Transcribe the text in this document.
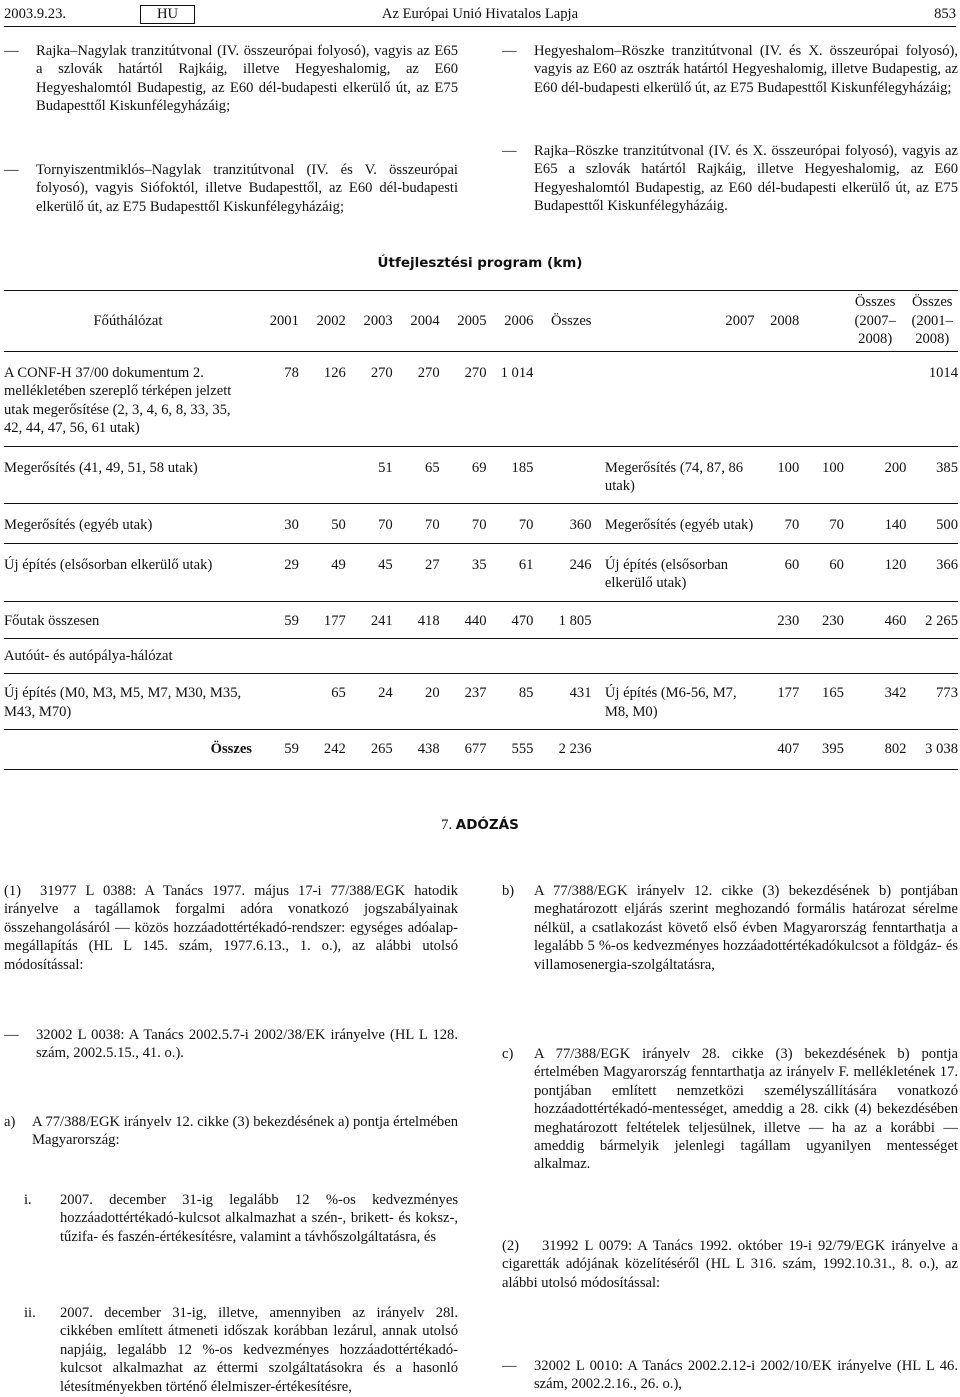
2003.9.23.	HU	Az Európai Unió Hivatalos Lapja	853
— Rajka–Nagylak tranzitútvonal (IV. összeurópai folyosó), vagyis az E65 a szlovák határtól Rajkáig, illetve Hegyeshalomig, az E60 Hegyeshalomtól Budapestig, az E60 dél-budapesti elkerülő út, az E75 Budapesttől Kiskunfélegyházáig;
— Tornyiszentmiklós–Nagylak tranzitútvonal (IV. és V. összeurópai folyosó), vagyis Siófoktól, illetve Budapesttől, az E60 dél-budapesti elkerülő út, az E75 Budapesttől Kiskunfélegyházáig;
— Hegyeshalom–Röszke tranzitútvonal (IV. és X. összeurópai folyosó), vagyis az E60 az osztrák határtól Hegyeshalomig, illetve Budapestig, az E60 dél-budapesti elkerülő út, az E75 Budapesttől Kiskunfélegyházáig;
— Rajka–Röszke tranzitútvonal (IV. és X. összeurópai folyosó), vagyis az E65 a szlovák határtól Rajkáig, illetve Hegyeshalomig, az E60 Hegyeshalomtól Budapestig, az E60 dél-budapesti elkerülő út, az E75 Budapesttől Kiskunfélegyházáig.
Útfejlesztési program (km)
Főúthálózat	2001	2002	2003	2004	2005	2006	Összes		2007	2008		Összes (2007–2008)	Összes (2001–2008)
A CONF-H 37/00 dokumentum 2. mellékletében szereplő térképen jelzett utak megerősítése (2, 3, 4, 6, 8, 33, 35, 42, 44, 47, 56, 61 utak)	78	126	270	270	270	1 014							1014
Megerősítés (41, 49, 51, 58 utak)			51	65	69	185			Megerősítés (74, 87, 86 utak)	100	100	200	385
Megerősítés (egyéb utak)	30	50	70	70	70	70	360		Megerősítés (egyéb utak)	70	70	140	500
Új építés (elsősorban elkerülő utak)	29	49	45	27	35	61	246		Új építés (elsősorban elkerülő utak)	60	60	120	366
Főutak összesen	59	177	241	418	440	470	1 805			230	230	460	2 265
Autóút- és autópálya-hálózat													
Új építés (M0, M3, M5, M7, M30, M35, M43, M70)		65	24	20	237	85	431		Új építés (M6-56, M7, M8, M0)	177	165	342	773
Összes	59	242	265	438	677	555	2 236			407	395	802	3 038
7. ADÓZÁS
(1)	31977 L 0388: A Tanács 1977. május 17-i 77/388/EGK hatodik irányelve a tagállamok forgalmi adóra vonatkozó jogszabályainak összehangolásáról — közös hozzáadottértékadó-rendszer: egységes adóalap-megállapítás (HL L 145. szám, 1977.6.13., 1. o.), az alábbi utolsó módosítással:
— 32002 L 0038: A Tanács 2002.5.7-i 2002/38/EK irányelve (HL L 128. szám, 2002.5.15., 41. o.).
a) A 77/388/EGK irányelv 12. cikke (3) bekezdésének a) pontja értelmében Magyarország:
i. 2007. december 31-ig legalább 12 %-os kedvezményes hozzáadottértékadó-kulcsot alkalmazhat a szén-, brikett- és koksz-, tűzifa- és faszén-értékesítésre, valamint a távhőszolgáltatásra, és
ii. 2007. december 31-ig, illetve, amennyiben az irányelv 28l. cikkében említett átmeneti időszak korábban lezárul, annak utolsó napjáig, legalább 12 %-os kedvezményes hozzáadottértékadó-kulcsot alkalmazhat az éttermi szolgáltatásokra és a hasonló létesítményekben történő élelmiszer-értékesítésre,
b) A 77/388/EGK irányelv 12. cikke (3) bekezdésének b) pontjában meghatározott eljárás szerint meghozandó formális határozat sérelme nélkül, a csatlakozást követő első évben Magyarország fenntarthatja a legalább 5 %-os kedvezményes hozzáadottértékadókulcsot a földgáz- és villamosenergia-szolgáltatásra,
c) A 77/388/EGK irányelv 28. cikke (3) bekezdésének b) pontja értelmében Magyarország fenntarthatja az irányelv F. mellékletének 17. pontjában említett nemzetközi személyszállítására vonatkozó hozzáadottértékadó-mentességet, ameddig a 28. cikk (4) bekezdésében meghatározott feltételek teljesülnek, illetve — ha az a korábbi — ameddig bármelyik jelenlegi tagállam ugyanilyen mentességet alkalmaz.
(2)	31992 L 0079: A Tanács 1992. október 19-i 92/79/EGK irányelve a cigaretták adójának közelítéséről (HL L 316. szám, 1992.10.31., 8. o.), az alábbi utolsó módosítással:
— 32002 L 0010: A Tanács 2002.2.12-i 2002/10/EK irányelve (HL L 46. szám, 2002.2.16., 26. o.),
